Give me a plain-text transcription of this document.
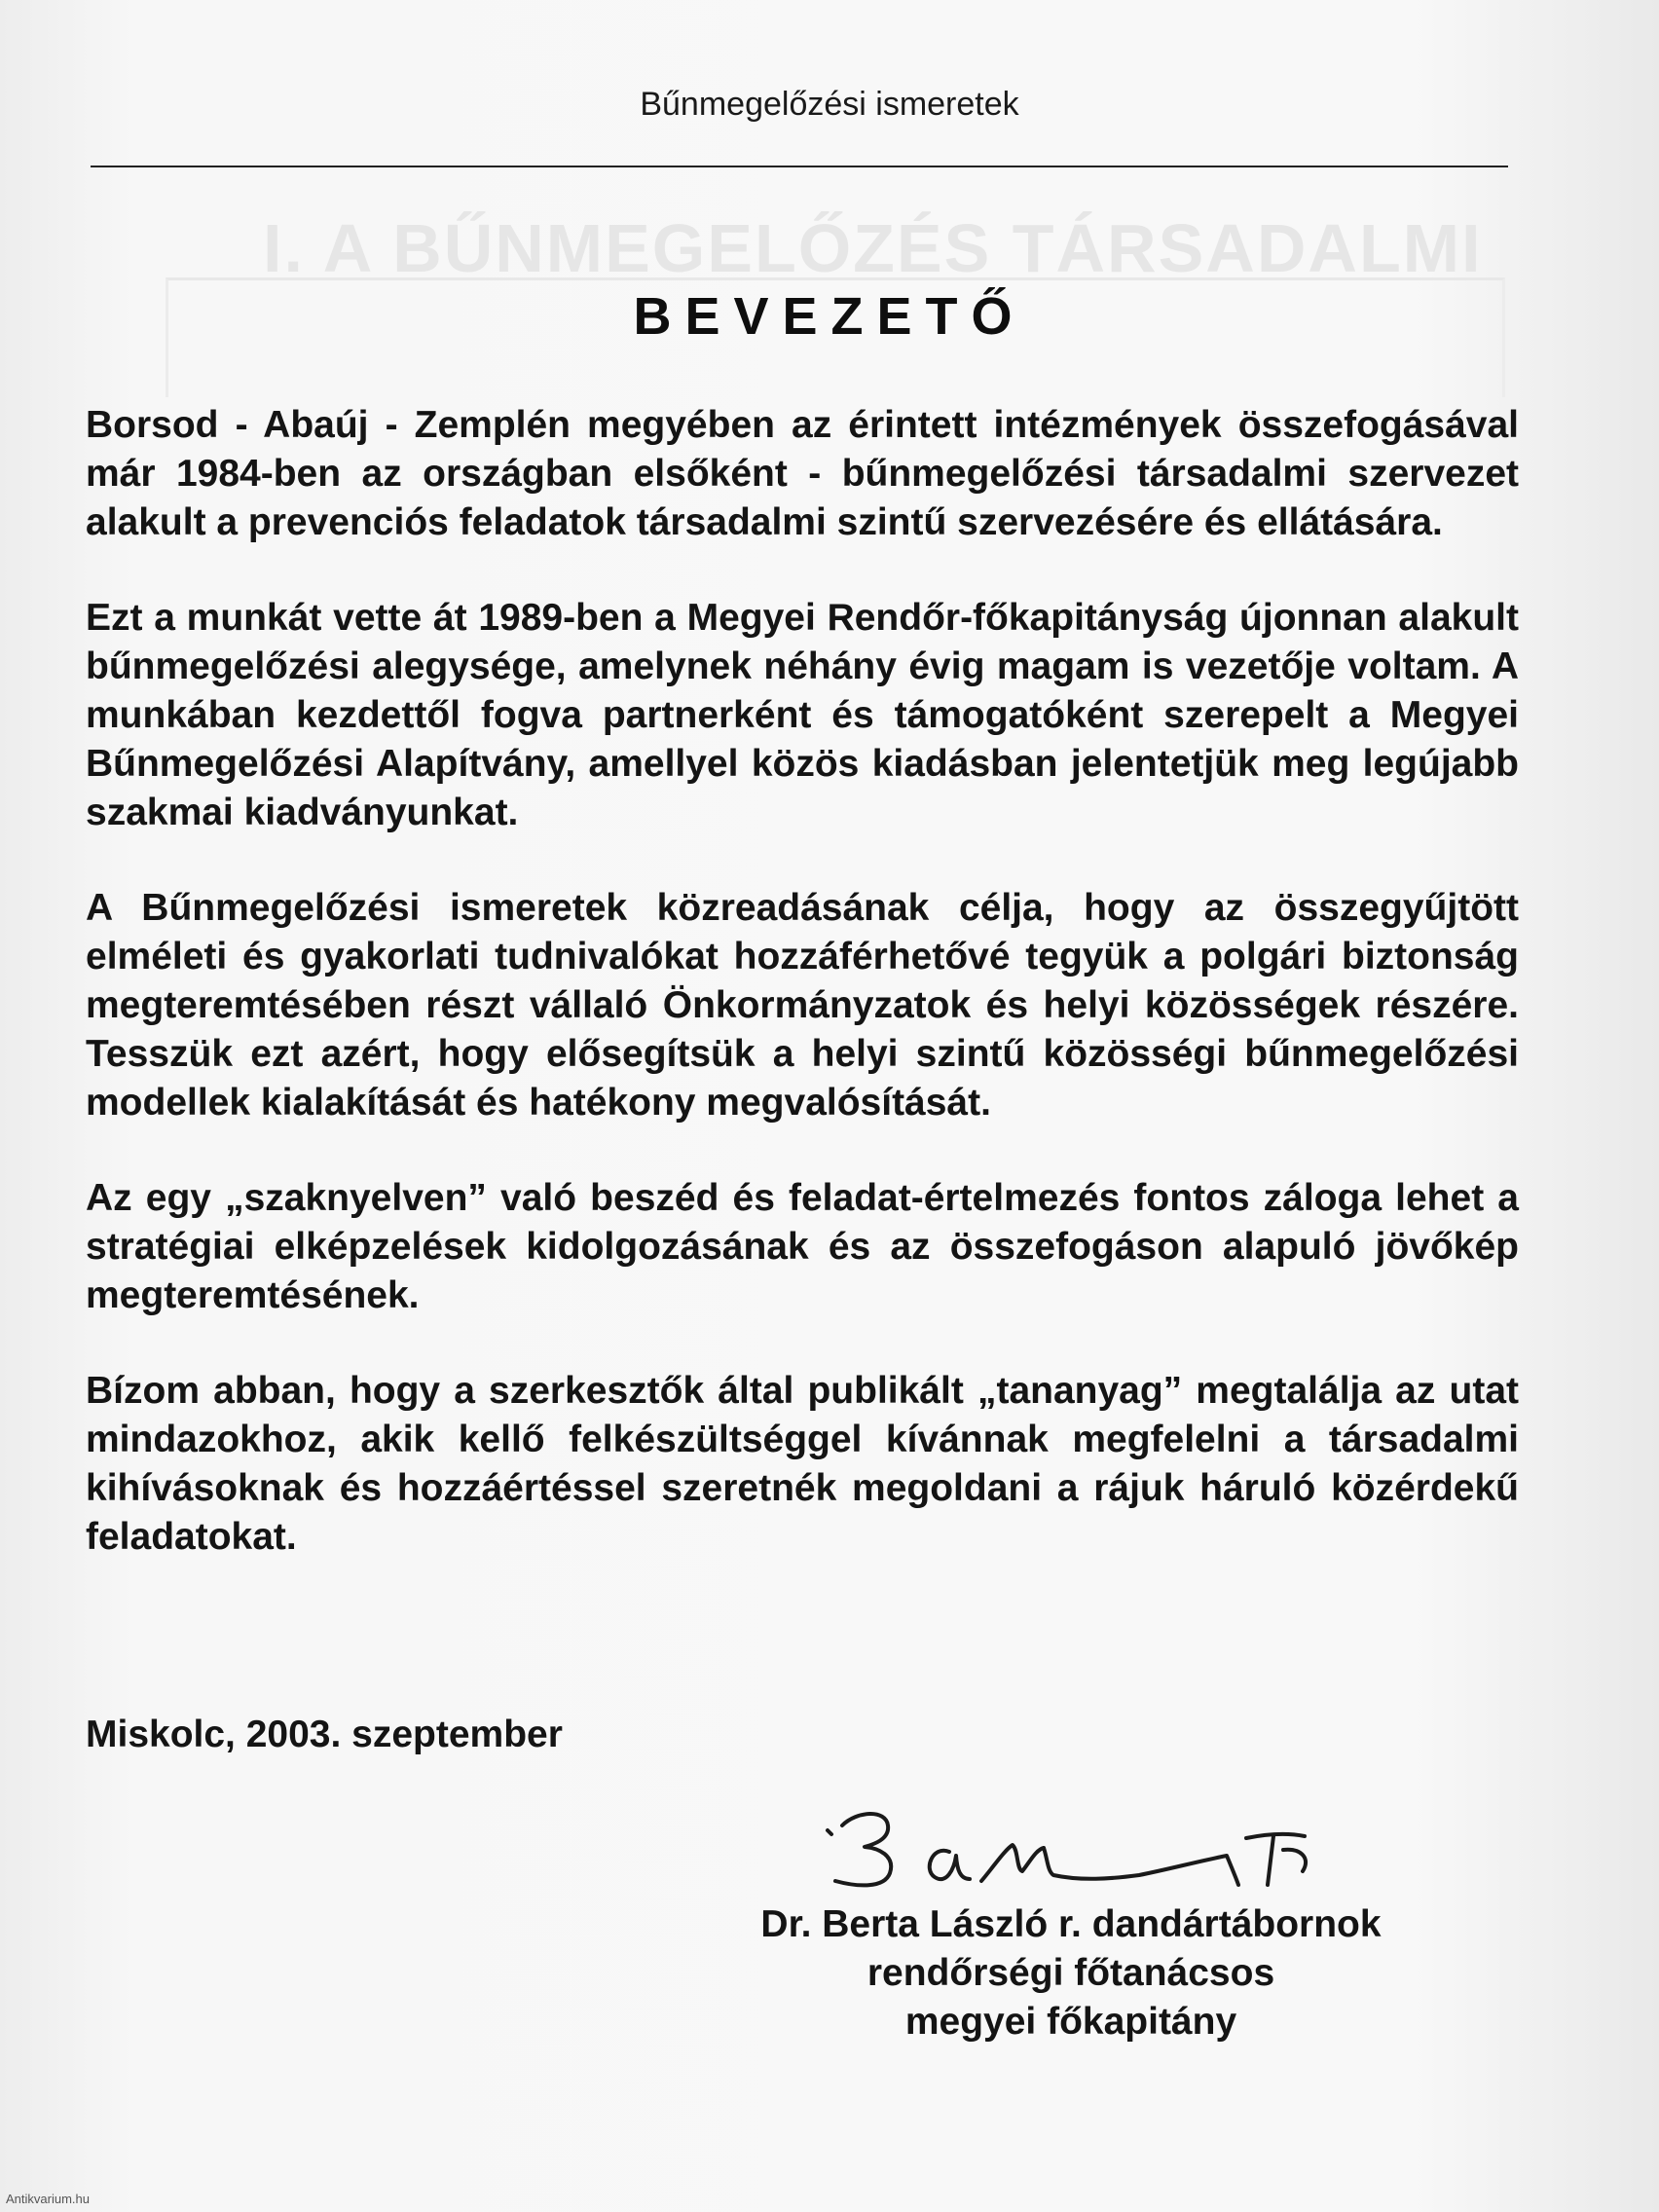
I. A BŰNMEGELŐZÉS TÁRSADALMI
Bűnmegelőzési ismeretek
BEVEZETŐ

Borsod - Abaúj - Zemplén megyében az érintett intézmények összefogásával már 1984-ben az országban elsőként - bűnmegelőzési társadalmi szervezet alakult a prevenciós feladatok társadalmi szintű szervezésére és ellátására.

Ezt a munkát vette át 1989-ben a Megyei Rendőr-főkapitányság újonnan alakult bűnmegelőzési alegysége, amelynek néhány évig magam is vezetője voltam. A munkában kezdettől fogva partnerként és támogatóként szerepelt a Megyei Bűnmegelőzési Alapítvány, amellyel közös kiadásban jelentetjük meg legújabb szakmai kiadványunkat.

A Bűnmegelőzési ismeretek közreadásának célja, hogy az összegyűjtött elméleti és gyakorlati tudnivalókat hozzáférhetővé tegyük a polgári biztonság megteremtésében részt vállaló Önkormányzatok és helyi közösségek részére. Tesszük ezt azért, hogy elősegítsük a helyi szintű közösségi bűnmegelőzési modellek kialakítását és hatékony megvalósítását.

Az egy „szaknyelven” való beszéd és feladat-értelmezés fontos záloga lehet a stratégiai elképzelések kidolgozásának és az összefogáson alapuló jövőkép megteremtésének.

Bízom abban, hogy a szerkesztők által publikált „tananyag” megtalálja az utat mindazokhoz, akik kellő felkészültséggel kívánnak megfelelni a társadalmi kihívásoknak és hozzáértéssel szeretnék megoldani a rájuk háruló közérdekű feladatokat.

Miskolc, 2003. szeptember
Dr. Berta László r. dandártábornok
rendőrségi főtanácsos
megyei főkapitány
Antikvarium.hu
